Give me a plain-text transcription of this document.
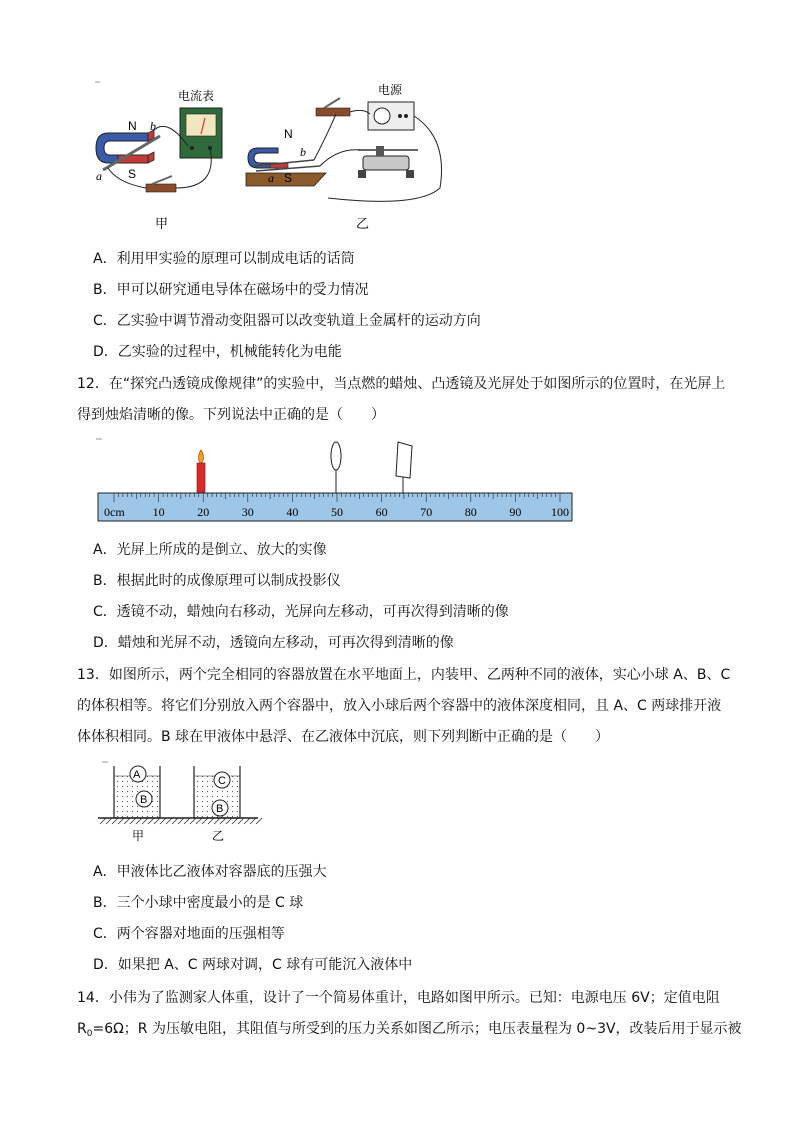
N
S
a
b
电流表
甲
N
S
a
b
电源
乙
A．利用甲实验的原理可以制成电话的话筒
B．甲可以研究通电导体在磁场中的受力情况
C．乙实验中调节滑动变阻器可以改变轨道上金属杆的运动方向
D．乙实验的过程中，机械能转化为电能
12．在“探究凸透镜成像规律”的实验中，当点燃的蜡烛、凸透镜及光屏处于如图所示的位置时，在光屏上
得到烛焰清晰的像。下列说法中正确的是（　　）
0cm 10	20	30	40	50	60	70	80	90 100
A．光屏上所成的是倒立、放大的实像
B．根据此时的成像原理可以制成投影仪
C．透镜不动，蜡烛向右移动，光屏向左移动，可再次得到清晰的像
D．蜡烛和光屏不动，透镜向左移动，可再次得到清晰的像
13．如图所示，两个完全相同的容器放置在水平地面上，内装甲、乙两种不同的液体，实心小球 A、B、C
的体积相等。将它们分别放入两个容器中，放入小球后两个容器中的液体深度相同，且 A、C 两球排开液
体体积相同。B 球在甲液体中悬浮、在乙液体中沉底，则下列判断中正确的是（　　）
A
B
C
B
甲	乙
A．甲液体比乙液体对容器底的压强大
B．三个小球中密度最小的是 C 球
C．两个容器对地面的压强相等
D．如果把 A、C 两球对调，C 球有可能沉入液体中
14．小伟为了监测家人体重，设计了一个简易体重计，电路如图甲所示。已知：电源电压 6V；定值电阻
$R_0=6\Omega$；R 为压敏电阻，其阻值与所受到的压力关系如图乙所示；电压表量程为 0~3V，改装后用于显示被
